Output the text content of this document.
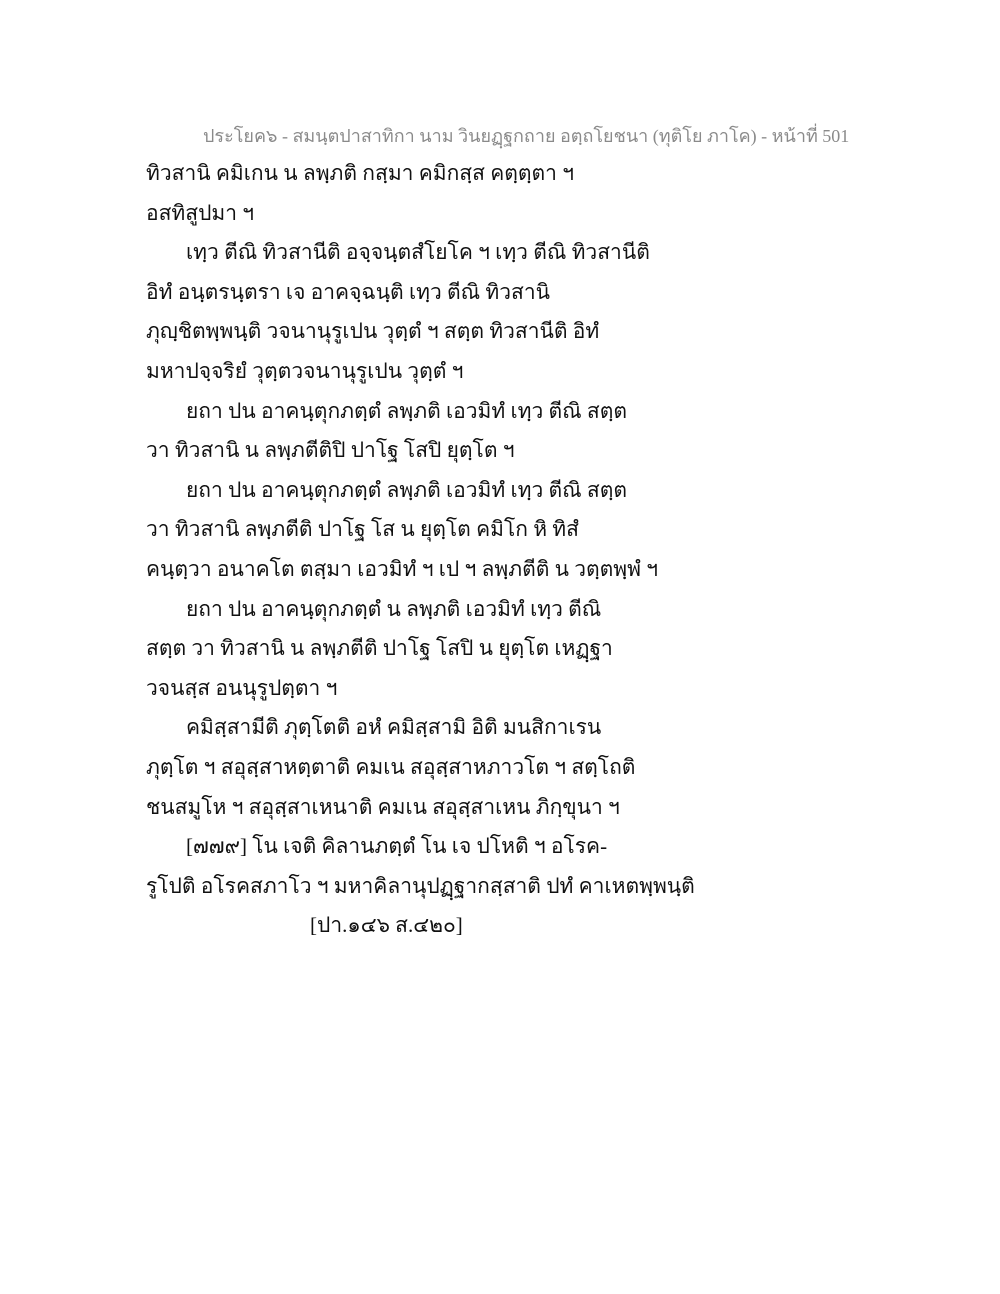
ประโยค๖ - สมนฺตปาสาทิกา นาม วินยฏฺฐกถาย อตฺถโยชนา (ทุติโย ภาโค) - หน้าที่ 501
ทิวสานิ คมิเกน น ลพฺภติ กสฺมา คมิกสฺส คตฺตฺตา ฯ
อสทิสูปมา ฯ
เทฺว ตีณิ ทิวสานีติ อจฺจนฺตสํโยโค ฯ เทฺว ตีณิ ทิวสานีติ
อิทํ อนฺตรนฺตรา เจ อาคจฺฉนฺติ เทฺว ตีณิ ทิวสานิ
ภุญฺชิตพฺพนฺติ วจนานุรูเปน วุตฺตํ ฯ สตฺต ทิวสานีติ อิทํ
มหาปจฺจริยํ วุตฺตวจนานุรูเปน วุตฺตํ ฯ
ยถา ปน อาคนฺตุกภตฺตํ ลพฺภติ เอวมิทํ เทฺว ตีณิ สตฺต
วา ทิวสานิ น ลพฺภตีติปิ ปาโฐ โสปิ ยุตฺโต ฯ
ยถา ปน อาคนฺตุกภตฺตํ ลพฺภติ เอวมิทํ เทฺว ตีณิ สตฺต
วา ทิวสานิ ลพฺภตีติ ปาโฐ โส น ยุตฺโต คมิโก หิ ทิสํ
คนฺตฺวา อนาคโต ตสฺมา เอวมิทํ ฯ เป ฯ ลพฺภตีติ น วตฺตพฺพํ ฯ
ยถา ปน อาคนฺตุกภตฺตํ น ลพฺภติ เอวมิทํ เทฺว ตีณิ
สตฺต วา ทิวสานิ น ลพฺภตีติ ปาโฐ โสปิ น ยุตฺโต เหฏฺฐา
วจนสฺส อนนุรูปตฺตา ฯ
คมิสฺสามีติ ภุตฺโตติ อหํ คมิสฺสามิ อิติ มนสิกาเรน
ภุตฺโต ฯ สอุสฺสาหตฺตาติ คมเน สอุสฺสาหภาวโต ฯ สตฺโถติ
ชนสมูโห ฯ สอุสฺสาเหนาติ คมเน สอุสฺสาเหน ภิกฺขุนา ฯ
[๗๗๙] โน เจติ คิลานภตฺตํ โน เจ ปโหติ ฯ อโรค-
รูโปติ อโรคสภาโว ฯ มหาคิลานุปฏฺฐากสฺสาติ ปทํ คาเหตพฺพนฺติ
[ปา.๑๔๖ ส.๔๒๐]
